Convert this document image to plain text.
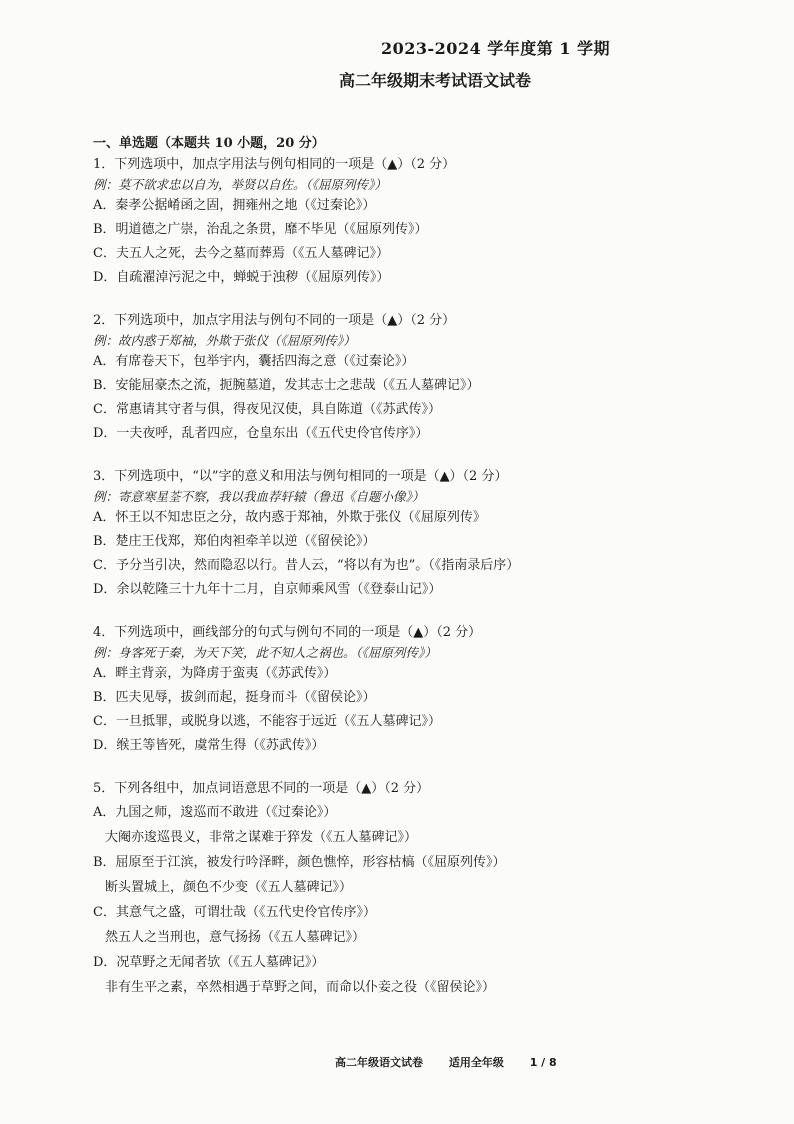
2023-2024 学年度第 1 学期
高二年级期末考试语文试卷
一、单选题（本题共 10 小题，20 分）
1．下列选项中，加点字用法与例句相同的一项是（▲）（2 分）
例：莫不欲求忠以自为，举贤以自佐。（《屈原列传》）
A．秦孝公据崤函之固，拥雍州之地（《过秦论》）
B．明道德之广崇，治乱之条贯，靡不毕见（《屈原列传》）
C．夫五人之死，去今之墓而葬焉（《五人墓碑记》）
D．自疏濯淖污泥之中，蝉蜕于浊秽（《屈原列传》）
2．下列选项中，加点字用法与例句不同的一项是（▲）（2 分）
例：故内惑于郑袖，外欺于张仪（《屈原列传》）
A．有席卷天下，包举宇内，囊括四海之意（《过秦论》）
B．安能屈豪杰之流，扼腕墓道，发其志士之悲哉（《五人墓碑记》）
C．常惠请其守者与俱，得夜见汉使，具自陈道（《苏武传》）
D．一夫夜呼，乱者四应，仓皇东出（《五代史伶官传序》）
3．下列选项中，“以”字的意义和用法与例句相同的一项是（▲）（2 分）
例：寄意寒星荃不察，我以我血荐轩辕（鲁迅《自题小像》）
A．怀王以不知忠臣之分，故内惑于郑袖，外欺于张仪（《屈原列传》
B．楚庄王伐郑，郑伯肉袒牵羊以逆（《留侯论》）
C．予分当引决，然而隐忍以行。昔人云，“将以有为也”。（《指南录后序）
D．余以乾隆三十九年十二月，自京师乘风雪（《登泰山记》）
4．下列选项中，画线部分的句式与例句不同的一项是（▲）（2 分）
例：身客死于秦，为天下笑，此不知人之祸也。（《屈原列传》）
A．畔主背亲，为降虏于蛮夷（《苏武传》）
B．匹夫见辱，拔剑而起，挺身而斗（《留侯论》）
C．一旦抵罪，或脱身以逃，不能容于远近（《五人墓碑记》）
D．缑王等皆死，虞常生得（《苏武传》）
5．下列各组中，加点词语意思不同的一项是（▲）（2 分）
A．九国之师，逡巡而不敢进（《过秦论》）
大阉亦逡巡畏义，非常之谋难于猝发（《五人墓碑记》）
B．屈原至于江滨，被发行吟泽畔，颜色憔悴，形容枯槁（《屈原列传》）
断头置城上，颜色不少变（《五人墓碑记》）
C．其意气之盛，可谓壮哉（《五代史伶官传序》）
然五人之当刑也，意气扬扬（《五人墓碑记》）
D．况草野之无闻者欤（《五人墓碑记》）
非有生平之素，卒然相遇于草野之间，而命以仆妾之役（《留侯论》）
高二年级语文试卷 适用全年级 1 / 8
